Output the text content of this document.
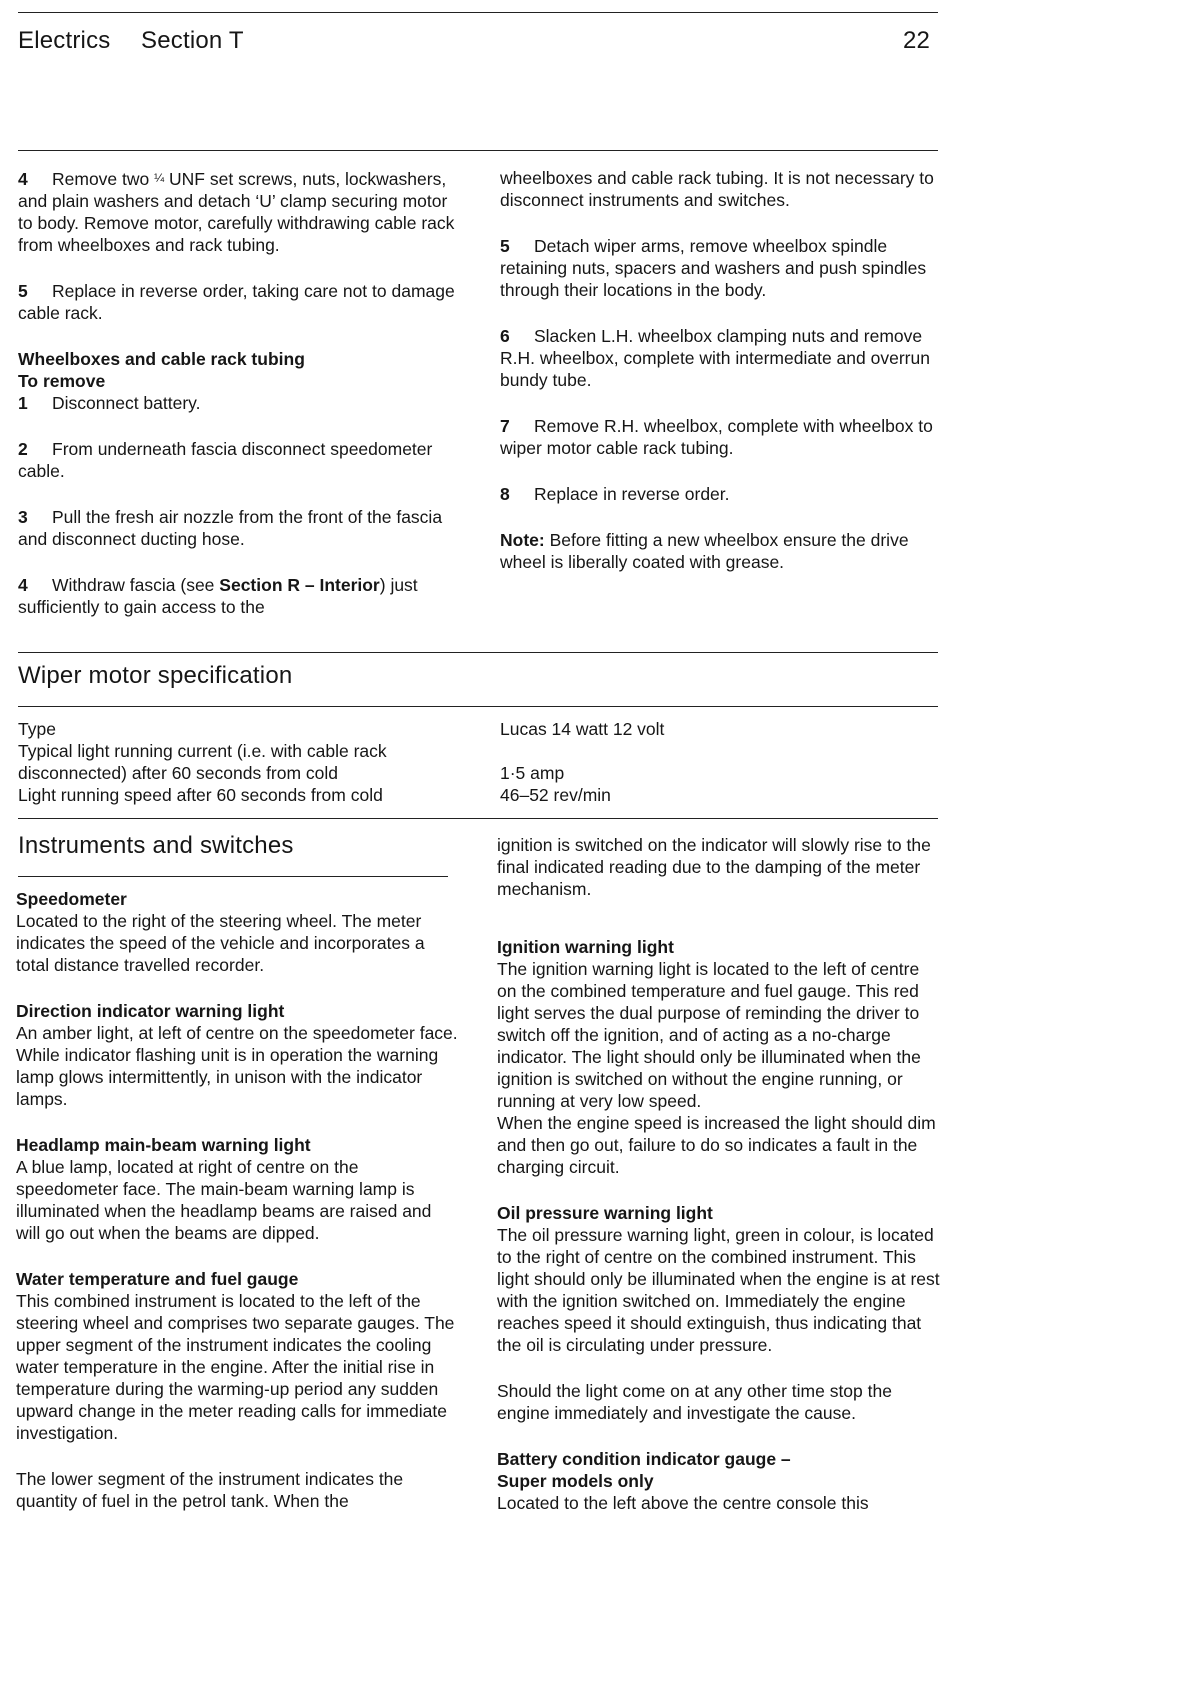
Electrics Section T	22

4 Remove two ¼ UNF set screws, nuts, lockwashers, and plain washers and detach ‘U’ clamp securing motor to body. Remove motor, carefully withdrawing cable rack from wheelboxes and rack tubing.

5 Replace in reverse order, taking care not to damage cable rack.

Wheelboxes and cable rack tubing
To remove

1 Disconnect battery.

2 From underneath fascia disconnect speedometer cable.

3 Pull the fresh air nozzle from the front of the fascia and disconnect ducting hose.

4 Withdraw fascia (see Section R – Interior) just sufficiently to gain access to the

wheelboxes and cable rack tubing. It is not necessary to disconnect instruments and switches.

5 Detach wiper arms, remove wheelbox spindle retaining nuts, spacers and washers and push spindles through their locations in the body.

6 Slacken L.H. wheelbox clamping nuts and remove R.H. wheelbox, complete with intermediate and overrun bundy tube.

7 Remove R.H. wheelbox, complete with wheelbox to wiper motor cable rack tubing.

8 Replace in reverse order.

Note: Before fitting a new wheelbox ensure the drive wheel is liberally coated with grease.

Wiper motor specification
Type	Lucas 14 watt 12 volt
Typical light running current (i.e. with cable rack disconnected) after 60 seconds from cold	1·5 amp
Light running speed after 60 seconds from cold	46–52 rev/min
Instruments and switches

Speedometer
Located to the right of the steering wheel. The meter indicates the speed of the vehicle and incorporates a total distance travelled recorder.

Direction indicator warning light
An amber light, at left of centre on the speedometer face. While indicator flashing unit is in operation the warning lamp glows intermittently, in unison with the indicator lamps.

Headlamp main-beam warning light
A blue lamp, located at right of centre on the speedometer face. The main-beam warning lamp is illuminated when the headlamp beams are raised and will go out when the beams are dipped.

Water temperature and fuel gauge
This combined instrument is located to the left of the steering wheel and comprises two separate gauges. The upper segment of the instrument indicates the cooling water temperature in the engine. After the initial rise in temperature during the warming-up period any sudden upward change in the meter reading calls for immediate investigation.

The lower segment of the instrument indicates the quantity of fuel in the petrol tank. When the

ignition is switched on the indicator will slowly rise to the final indicated reading due to the damping of the meter mechanism.

Ignition warning light
The ignition warning light is located to the left of centre on the combined temperature and fuel gauge. This red light serves the dual purpose of reminding the driver to switch off the ignition, and of acting as a no-charge indicator. The light should only be illuminated when the ignition is switched on without the engine running, or running at very low speed.

When the engine speed is increased the light should dim and then go out, failure to do so indicates a fault in the charging circuit.

Oil pressure warning light
The oil pressure warning light, green in colour, is located to the right of centre on the combined instrument. This light should only be illuminated when the engine is at rest with the ignition switched on. Immediately the engine reaches speed it should extinguish, thus indicating that the oil is circulating under pressure.

Should the light come on at any other time stop the engine immediately and investigate the cause.

Battery condition indicator gauge –
Super models only
Located to the left above the centre console this
